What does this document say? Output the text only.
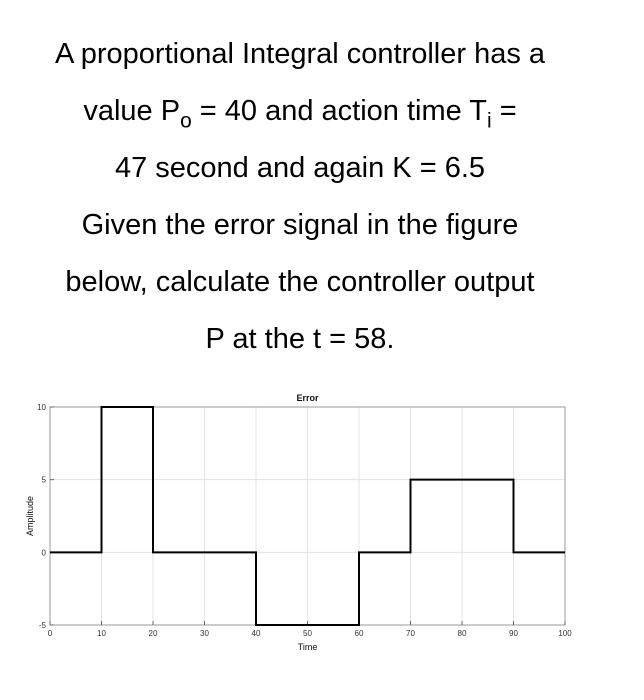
A proportional Integral controller has a
value $P_o = 40$ and action time $T_i$ =
47 second and again K = 6.5
Given the error signal in the figure
below, calculate the controller output
P at the t = 58.
0	10	20	30	40	50	60	70	80	90	100
-5
0
5
10
Error
Time
Amplitude
